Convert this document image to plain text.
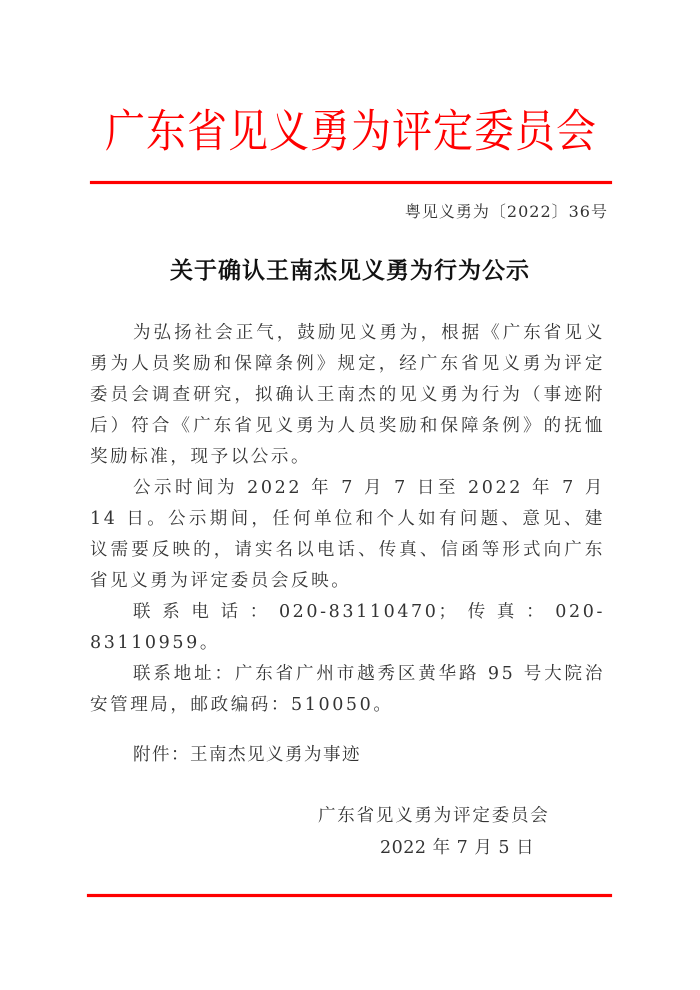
广东省见义勇为评定委员会
粤见义勇为〔2022〕36号
关于确认王南杰见义勇为行为公示

为弘扬社会正气，鼓励见义勇为，根据《广东省见义勇为人员奖励和保障条例》规定，经广东省见义勇为评定委员会调查研究，拟确认王南杰的见义勇为行为（事迹附后）符合《广东省见义勇为人员奖励和保障条例》的抚恤奖励标准，现予以公示。

公示时间为 2022 年 7 月 7 日至 2022 年 7 月 14 日。公示期间，任何单位和个人如有问题、意见、建议需要反映的，请实名以电话、传真、信函等形式向广东省见义勇为评定委员会反映。

联系电话：020-83110470；传真：020-83110959。

联系地址：广东省广州市越秀区黄华路 95 号大院治安管理局，邮政编码：510050。

附件：王南杰见义勇为事迹
广东省见义勇为评定委员会
2022 年 7 月 5 日
